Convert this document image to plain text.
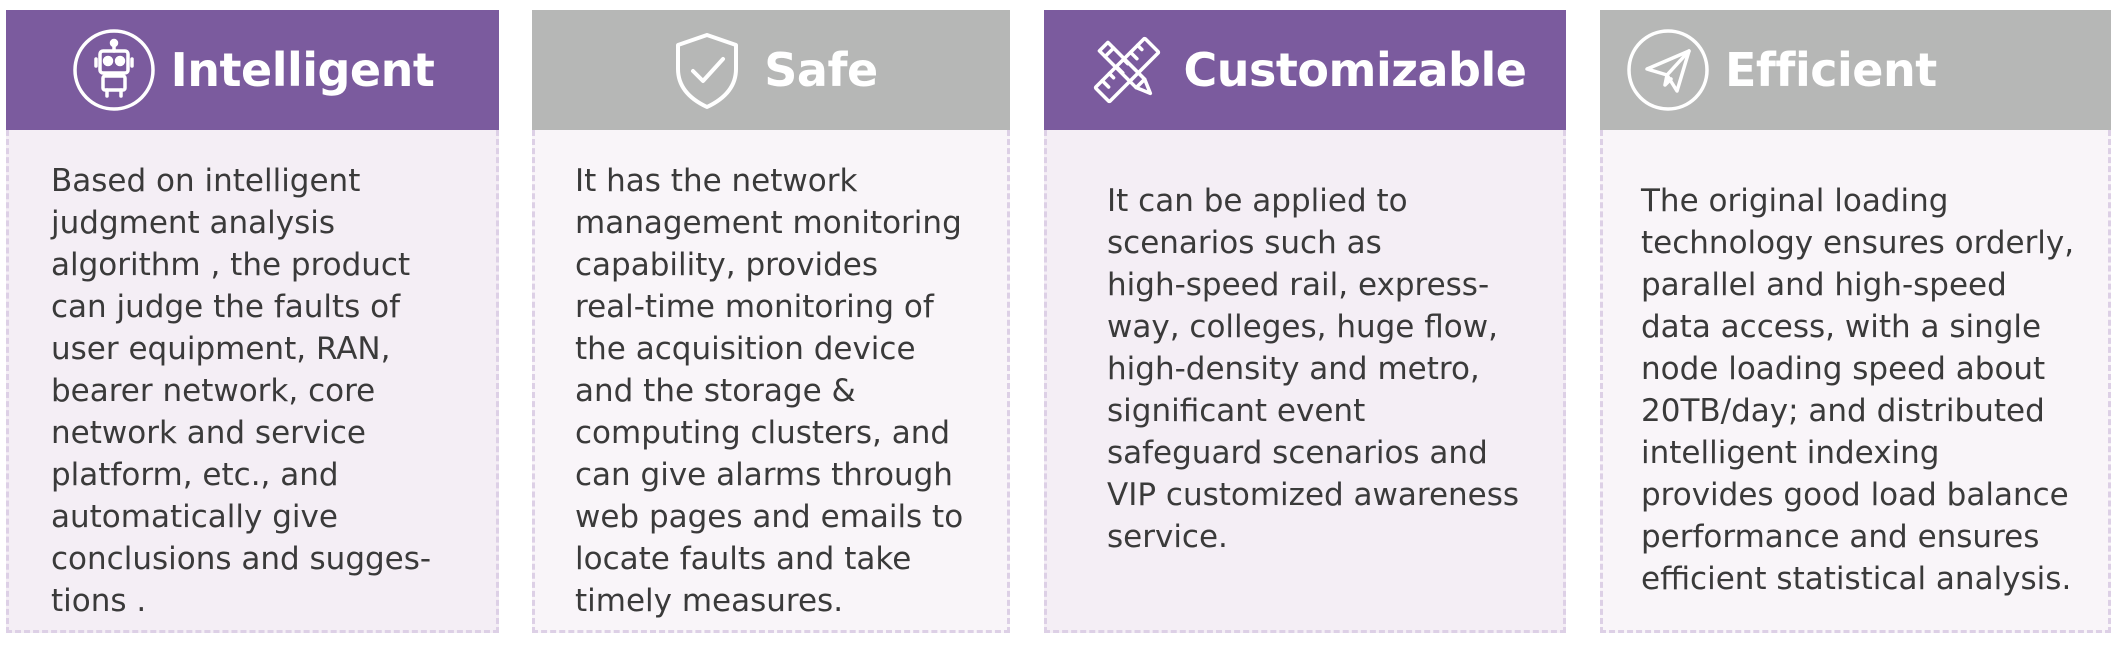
Intelligent

Based on intelligent
judgment analysis
algorithm , the product
can judge the faults of
user equipment, RAN,
bearer network, core
network and service
platform, etc., and
automatically give
conclusions and sugges-
tions .

Safe

It has the network
management monitoring
capability, provides
real-time monitoring of
the acquisition device
and the storage &
computing clusters, and
can give alarms through
web pages and emails to
locate faults and take
timely measures.

Customizable

It can be applied to
scenarios such as
high-speed rail, express-
way, colleges, huge flow,
high-density and metro,
significant event
safeguard scenarios and
VIP customized awareness
service.

Efficient

The original loading
technology ensures orderly,
parallel and high-speed
data access, with a single
node loading speed about
20TB/day; and distributed
intelligent indexing
provides good load balance
performance and ensures
efficient statistical analysis.
